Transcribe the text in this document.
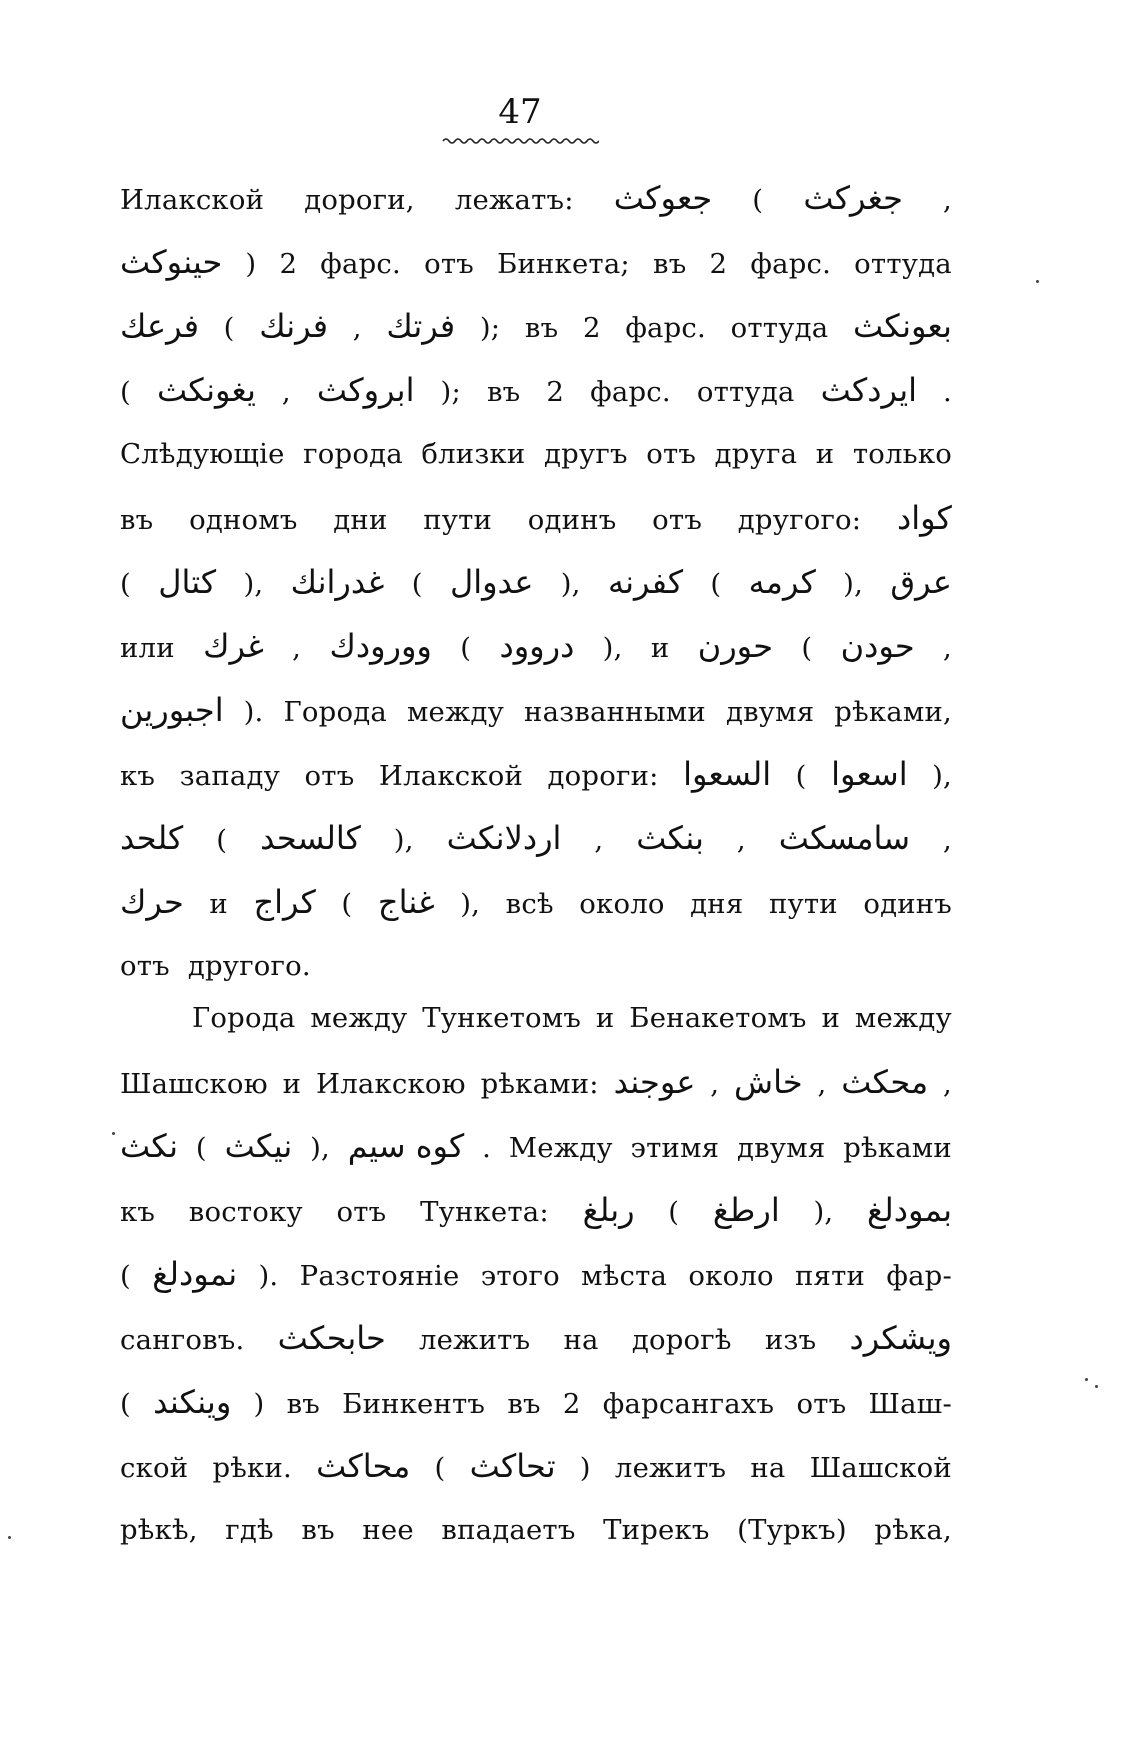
47
Илакской дороги, лежатъ: جعوكث ( جغركث ,
حينوكث ) 2 фарс. отъ Бинкета; въ 2 фарс. оттуда
فرعك ( فرنك , فرتك ); въ 2 фарс. оттуда بعونكث
( يغونكث , ابروكث ); въ 2 фарс. оттуда ايردكث .
Слѣдующіе города близки другъ отъ друга и только
въ одномъ дни пути одинъ отъ другого: كواد
( كتال ), غدرانك ( عدوال ), كفرنه ( كرمه ), عرق
или غرك , وورودك ( دروود ), и حورن ( حودن ,
اجبورين ). Города между названными двумя рѣками,
къ западу отъ Илакской дороги: السعوا ( اسعوا ),
كلحد ( كالسحد ), اردلانكث , بنكث , سامسكث ,
حرك и كراج ( غناج ), всѣ около дня пути одинъ
отъ другого.
Города между Тункетомъ и Бенакетомъ и между
Шашскою и Илакскою рѣками: عوجند , خاش , محكث ,
نكث ( نيكث ), كوه سيم . Между этимя двумя рѣками
къ востоку отъ Тункета: ربلغ ( ارطغ ), بمودلغ
( نمودلغ ). Разстояніе этого мѣста около пяти фар-
санговъ. حابحكث лежитъ на дорогѣ изъ ويشكرد
( وينكند ) въ Бинкентъ въ 2 фарсангахъ отъ Шаш-
ской рѣки. محاكث ( تحاكث ) лежитъ на Шашской
рѣкѣ, гдѣ въ нее впадаетъ Тирекъ (Туркъ) рѣка,
